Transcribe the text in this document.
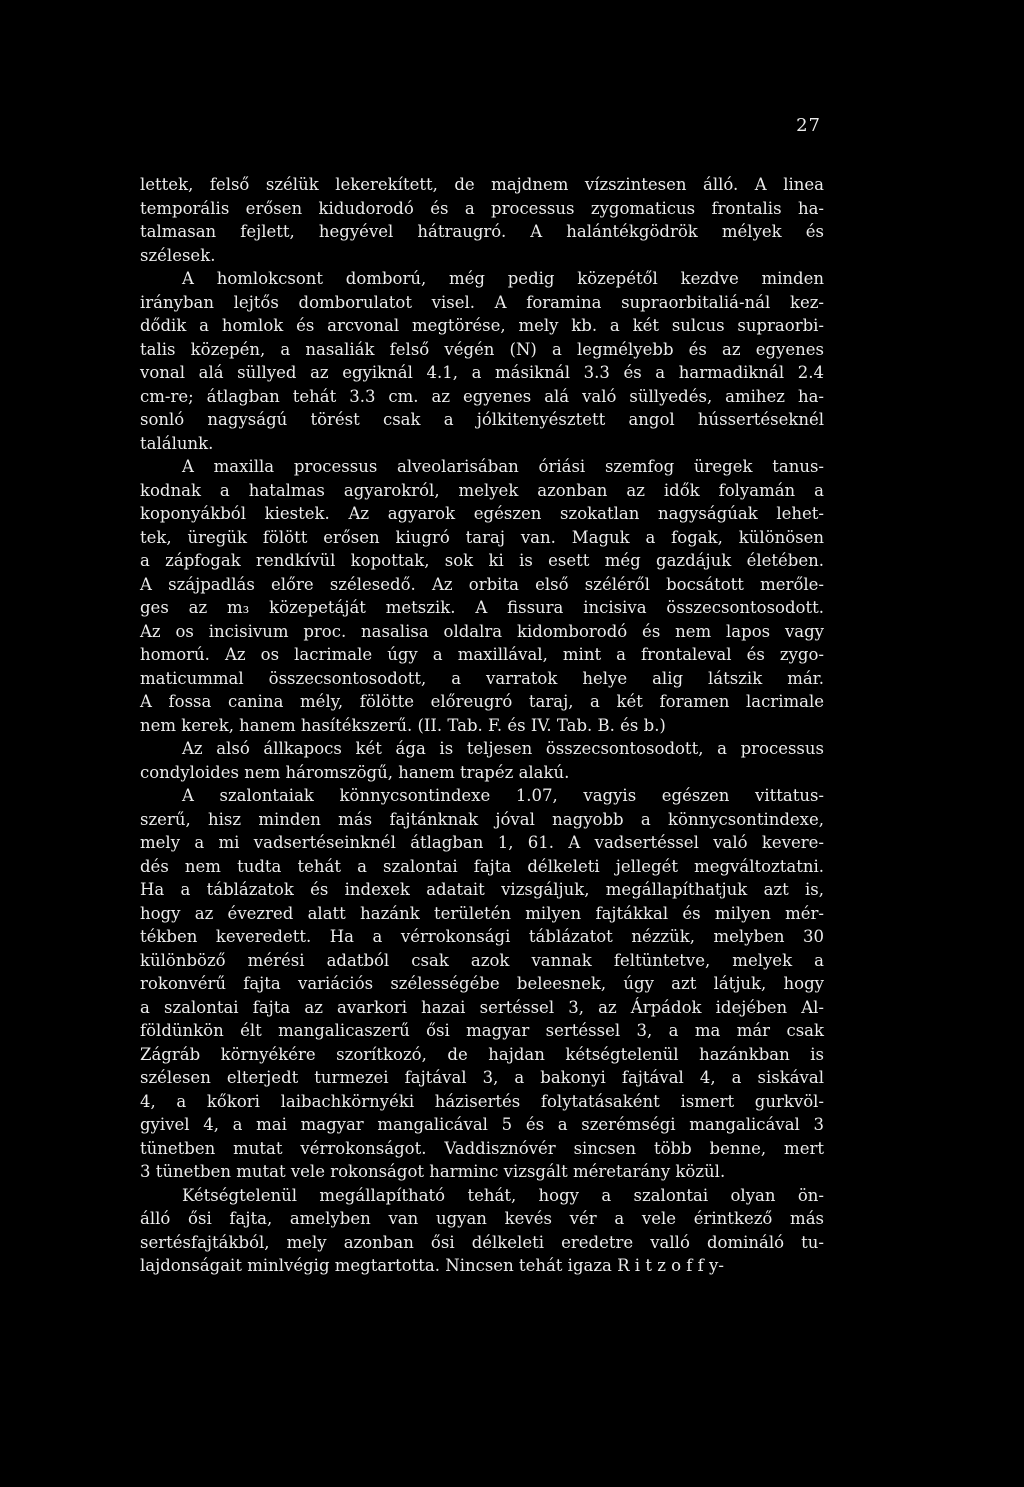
27
lettek, felső szélük lekerekített, de majdnem vízszintesen álló. A linea
temporális erősen kidudorodó és a processus zygomaticus frontalis ha-
talmasan fejlett, hegyével hátraugró. A halántékgödrök mélyek és
szélesek.
A homlokcsont domború, még pedig közepétől kezdve minden
irányban lejtős domborulatot visel. A foramina supraorbitaliá-nál kez-
dődik a homlok és arcvonal megtörése, mely kb. a két sulcus supraorbi-
talis közepén, a nasaliák felső végén (N) a legmélyebb és az egyenes
vonal alá süllyed az egyiknál 4.1, a másiknál 3.3 és a harmadiknál 2.4
cm-re; átlagban tehát 3.3 cm. az egyenes alá való süllyedés, amihez ha-
sonló nagyságú törést csak a jólkitenyésztett angol hússertéseknél
találunk.
A maxilla processus alveolarisában óriási szemfog üregek tanus-
kodnak a hatalmas agyarokról, melyek azonban az idők folyamán a
koponyákból kiestek. Az agyarok egészen szokatlan nagyságúak lehet-
tek, üregük fölött erősen kiugró taraj van. Maguk a fogak, különösen
a zápfogak rendkívül kopottak, sok ki is esett még gazdájuk életében.
A szájpadlás előre szélesedő. Az orbita első széléről bocsátott merőle-
ges az m₃ közepetáját metszik. A fissura incisiva összecsontosodott.
Az os incisivum proc. nasalisa oldalra kidomborodó és nem lapos vagy
homorú. Az os lacrimale úgy a maxillával, mint a frontaleval és zygo-
maticummal összecsontosodott, a varratok helye alig látszik már.
A fossa canina mély, fölötte előreugró taraj, a két foramen lacrimale
nem kerek, hanem hasítékszerű. (II. Tab. F. és IV. Tab. B. és b.)
Az alsó állkapocs két ága is teljesen összecsontosodott, a processus
condyloides nem háromszögű, hanem trapéz alakú.
A szalontaiak könnycsontindexe 1.07, vagyis egészen vittatus-
szerű, hisz minden más fajtánknak jóval nagyobb a könnycsontindexe,
mely a mi vadsertéseinknél átlagban 1, 61. A vadsertéssel való kevere-
dés nem tudta tehát a szalontai fajta délkeleti jellegét megváltoztatni.
Ha a táblázatok és indexek adatait vizsgáljuk, megállapíthatjuk azt is,
hogy az évezred alatt hazánk területén milyen fajtákkal és milyen mér-
tékben keveredett. Ha a vérrokonsági táblázatot nézzük, melyben 30
különböző mérési adatból csak azok vannak feltüntetve, melyek a
rokonvérű fajta variációs szélességébe beleesnek, úgy azt látjuk, hogy
a szalontai fajta az avarkori hazai sertéssel 3, az Árpádok idejében Al-
földünkön élt mangalicaszerű ősi magyar sertéssel 3, a ma már csak
Zágráb környékére szorítkozó, de hajdan kétségtelenül hazánkban is
szélesen elterjedt turmezei fajtával 3, a bakonyi fajtával 4, a siskával
4, a kőkori laibachkörnyéki házisertés folytatásaként ismert gurkvöl-
gyivel 4, a mai magyar mangalicával 5 és a szerémségi mangalicával 3
tünetben mutat vérrokonságot. Vaddisznóvér sincsen több benne, mert
3 tünetben mutat vele rokonságot harminc vizsgált méretarány közül.
Kétségtelenül megállapítható tehát, hogy a szalontai olyan ön-
álló ősi fajta, amelyben van ugyan kevés vér a vele érintkező más
sertésfajtákból, mely azonban ősi délkeleti eredetre valló domináló tu-
lajdonságait minlvégig megtartotta. Nincsen tehát igaza R i t z o f f y-
